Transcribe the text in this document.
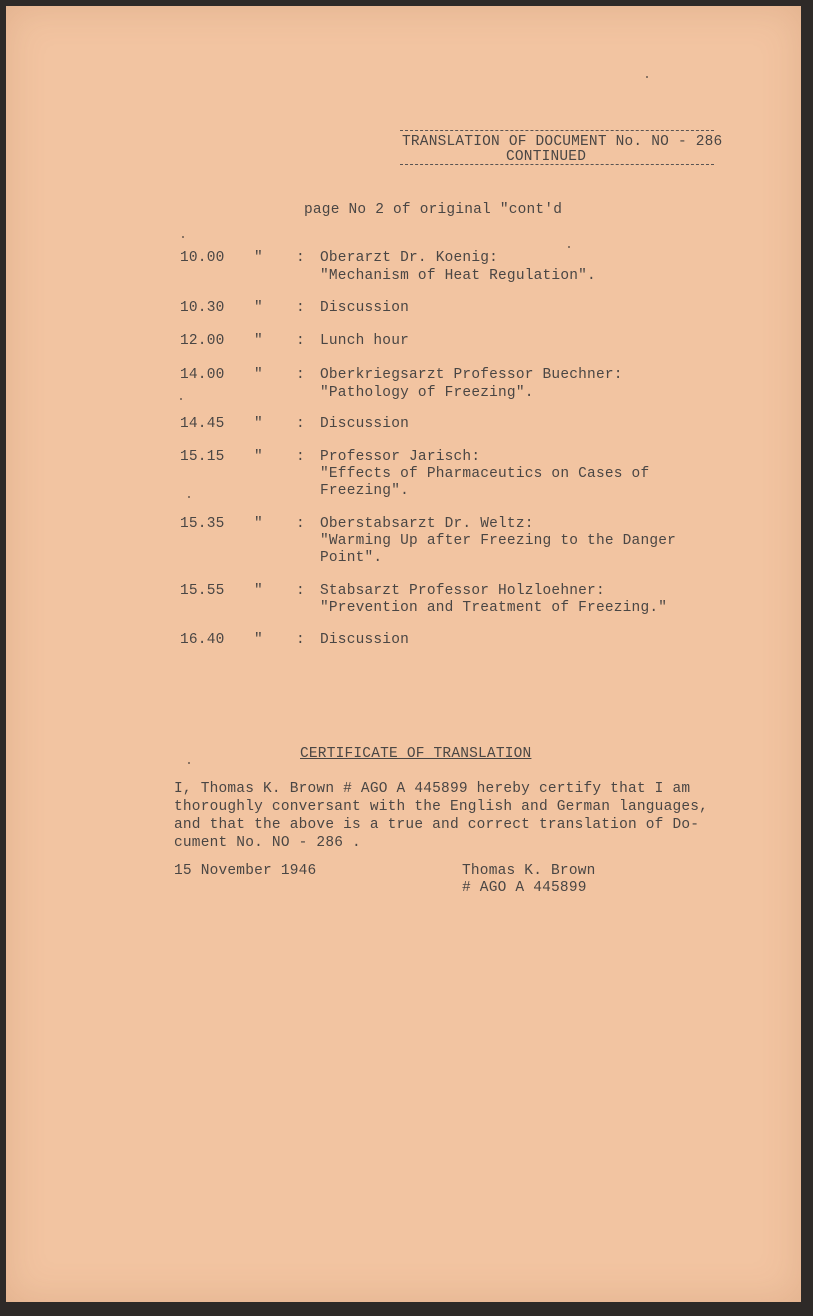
TRANSLATION OF DOCUMENT No. NO - 286
CONTINUED
page No 2 of original "cont'd
10.00 " : Oberarzt Dr. Koenig:
"Mechanism of Heat Regulation".
10.30 " : Discussion
12.00 " : Lunch hour
14.00 " : Oberkriegsarzt Professor Buechner:
"Pathology of Freezing".
14.45 " : Discussion
15.15 " : Professor Jarisch:
"Effects of Pharmaceutics on Cases of
Freezing".
15.35 " : Oberstabsarzt Dr. Weltz:
"Warming Up after Freezing to the Danger
Point".
15.55 " : Stabsarzt Professor Holzloehner:
"Prevention and Treatment of Freezing."
16.40 " : Discussion
CERTIFICATE OF TRANSLATION
I, Thomas K. Brown # AGO A 445899 hereby certify that I am
thoroughly conversant with the English and German languages,
and that the above is a true and correct translation of Do-
cument No. NO - 286 .
15 November 1946	Thomas K. Brown
# AGO A 445899
